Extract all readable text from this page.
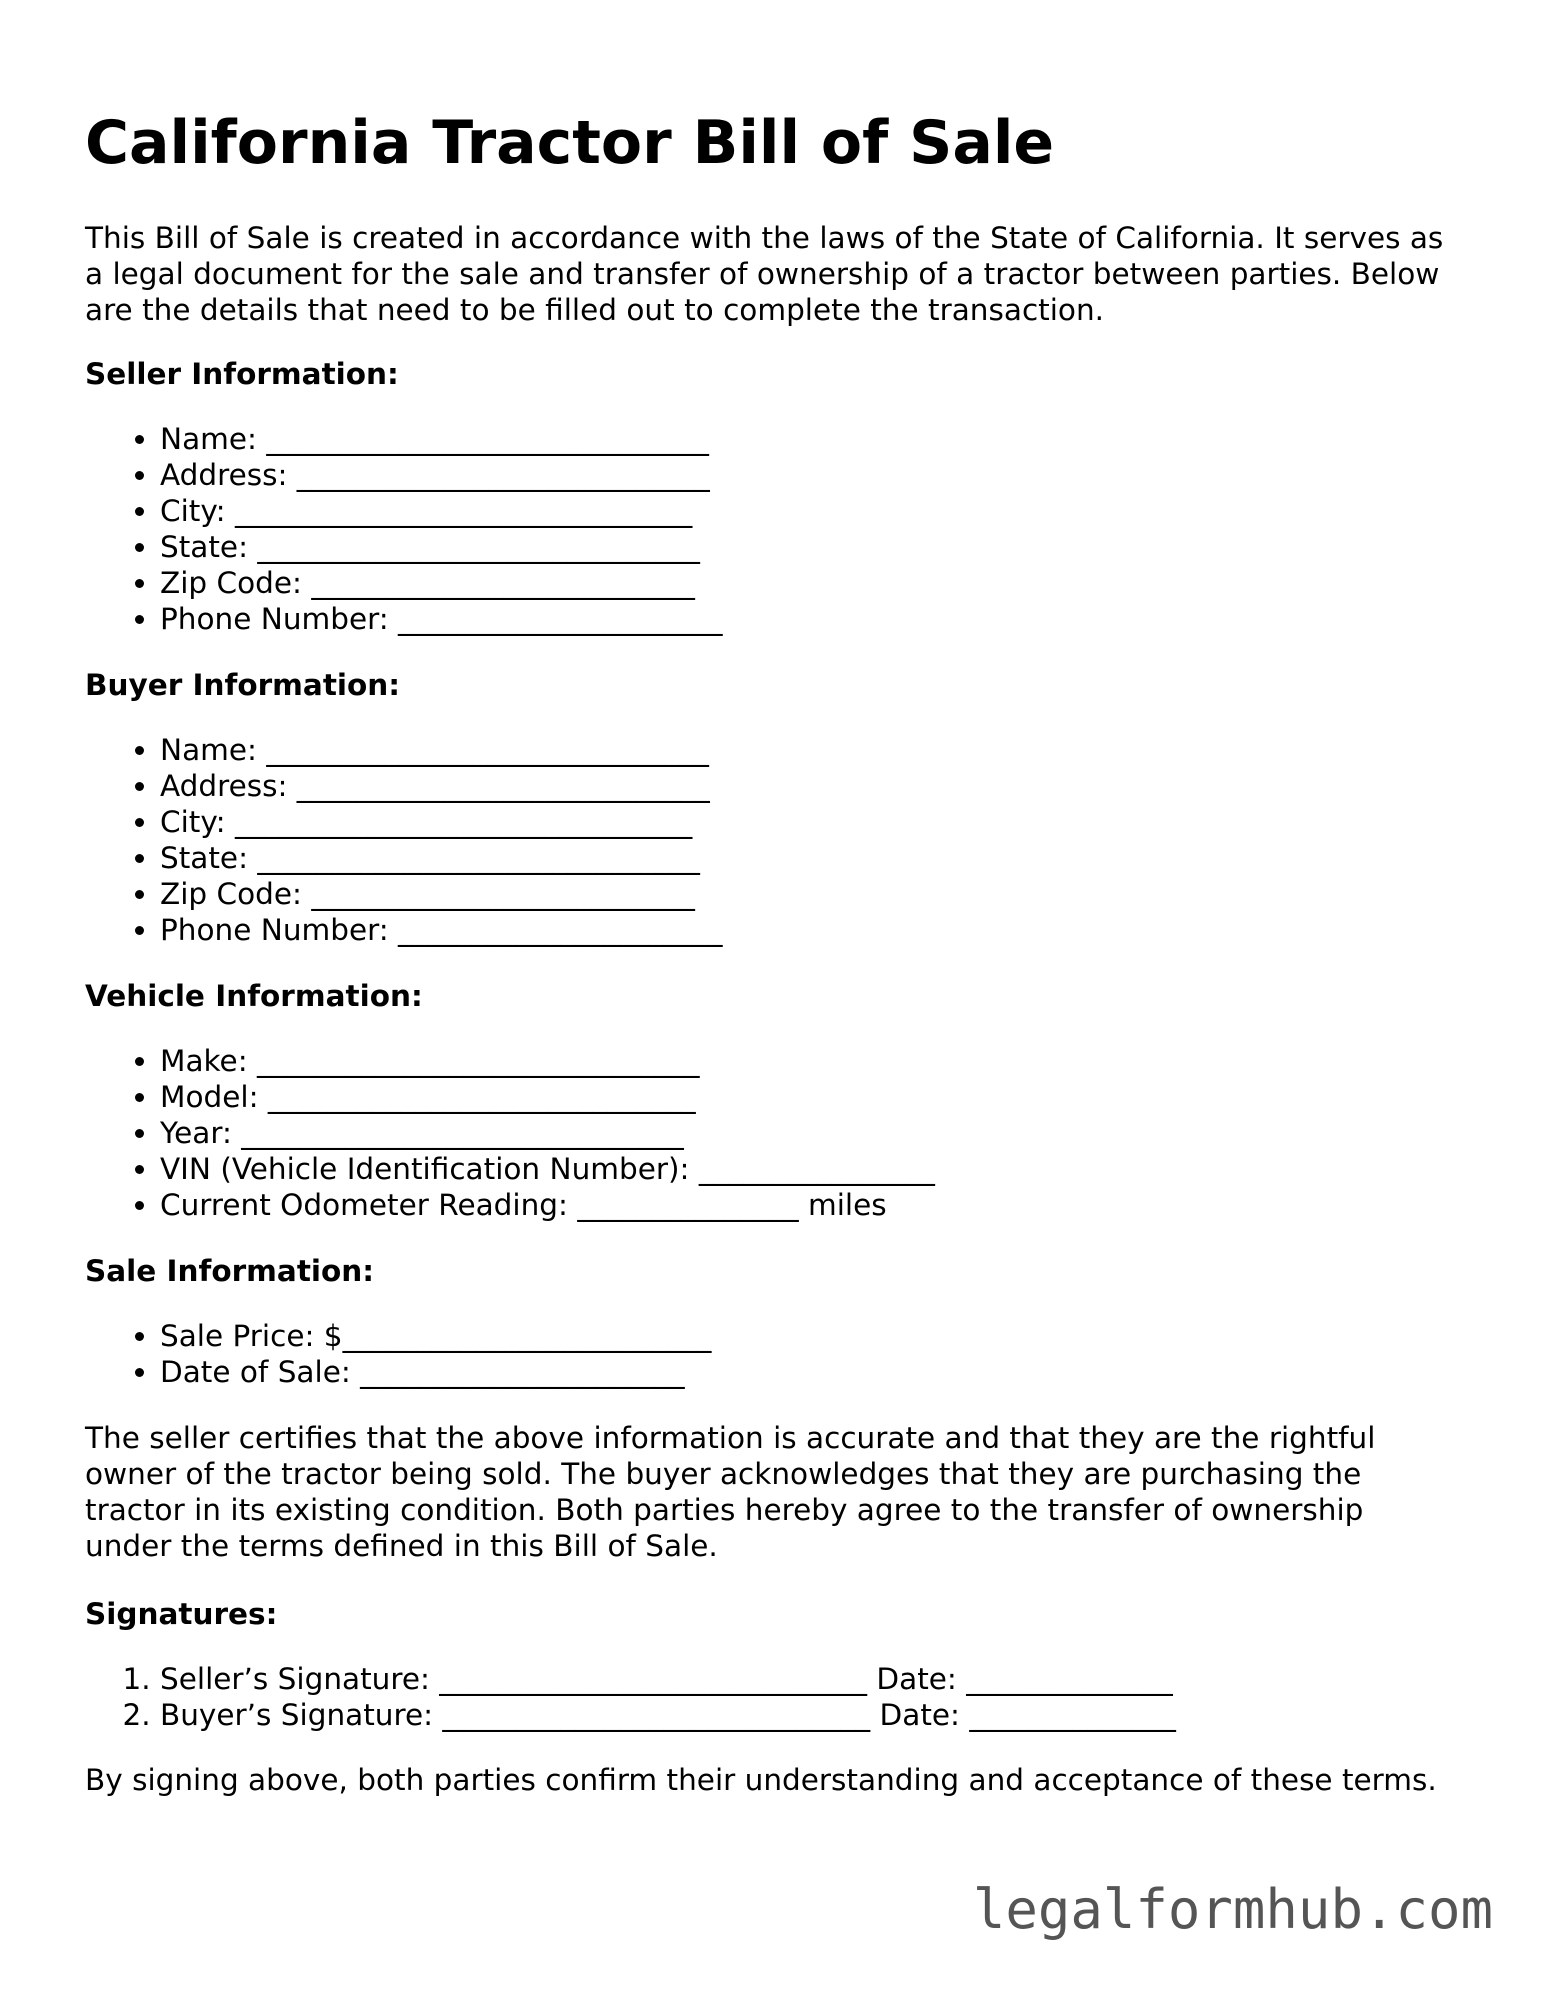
California Tractor Bill of Sale

This Bill of Sale is created in accordance with the laws of the State of California. It serves as a legal document for the sale and transfer of ownership of a tractor between parties. Below are the details that need to be filled out to complete the transaction.

Seller Information:
• Name: ______________________________
• Address: ____________________________
• City: _______________________________
• State: ______________________________
• Zip Code: __________________________
• Phone Number: ______________________
Buyer Information:
• Name: ______________________________
• Address: ____________________________
• City: _______________________________
• State: ______________________________
• Zip Code: __________________________
• Phone Number: ______________________
Vehicle Information:
• Make: ______________________________
• Model: _____________________________
• Year: ______________________________
• VIN (Vehicle Identification Number): ________________
• Current Odometer Reading: _______________ miles
Sale Information:
• Sale Price: $_________________________
• Date of Sale: ______________________

The seller certifies that the above information is accurate and that they are the rightful owner of the tractor being sold. The buyer acknowledges that they are purchasing the tractor in its existing condition. Both parties hereby agree to the transfer of ownership under the terms defined in this Bill of Sale.

Signatures:
1. Seller’s Signature: _____________________________ Date: ______________
2. Buyer’s Signature: _____________________________ Date: ______________

By signing above, both parties confirm their understanding and acceptance of these terms.

legalformhub.com
